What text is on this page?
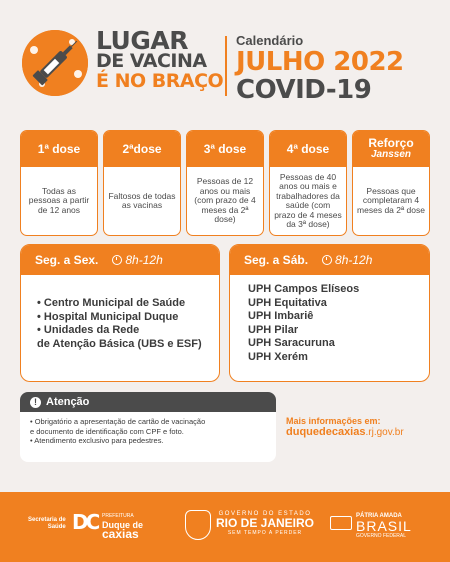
LUGAR
DE VACINA
É NO BRAÇO
Calendário
JULHO 2022
COVID-19
1ª dose
Todas as pessoas a partir de 12 anos
2ªdose
Faltosos de todas as vacinas
3ª dose
Pessoas de 12 anos ou mais (com prazo de 4 meses da 2ª dose)
4ª dose
Pessoas de 40 anos ou mais e trabalhadores da saúde (com prazo de 4 meses da 3ª dose)
Reforço
Janssen
Pessoas que completaram 4 meses da 2ª dose
Seg. a Sex. 8h-12h
• Centro Municipal de Saúde
• Hospital Municipal Duque
• Unidades da Rede
de Atenção Básica (UBS e ESF)
Seg. a Sáb. 8h-12h
UPH Campos Elíseos
UPH Equitativa
UPH Imbariê
UPH Pilar
UPH Saracuruna
UPH Xerém
! Atenção
• Obrigatório a apresentação de cartão de vacinação
e documento de identificação com CPF e foto.
• Atendimento exclusivo para pedestres.
Mais informações em:
duquedecaxias.rj.gov.br
Secretaria de
Saúde DC PREFEITURA
Duque de
caxias
GOVERNO DO ESTADO
RIO DE JANEIRO
SEM TEMPO A PERDER
PÁTRIA AMADA
BRASIL
GOVERNO FEDERAL
